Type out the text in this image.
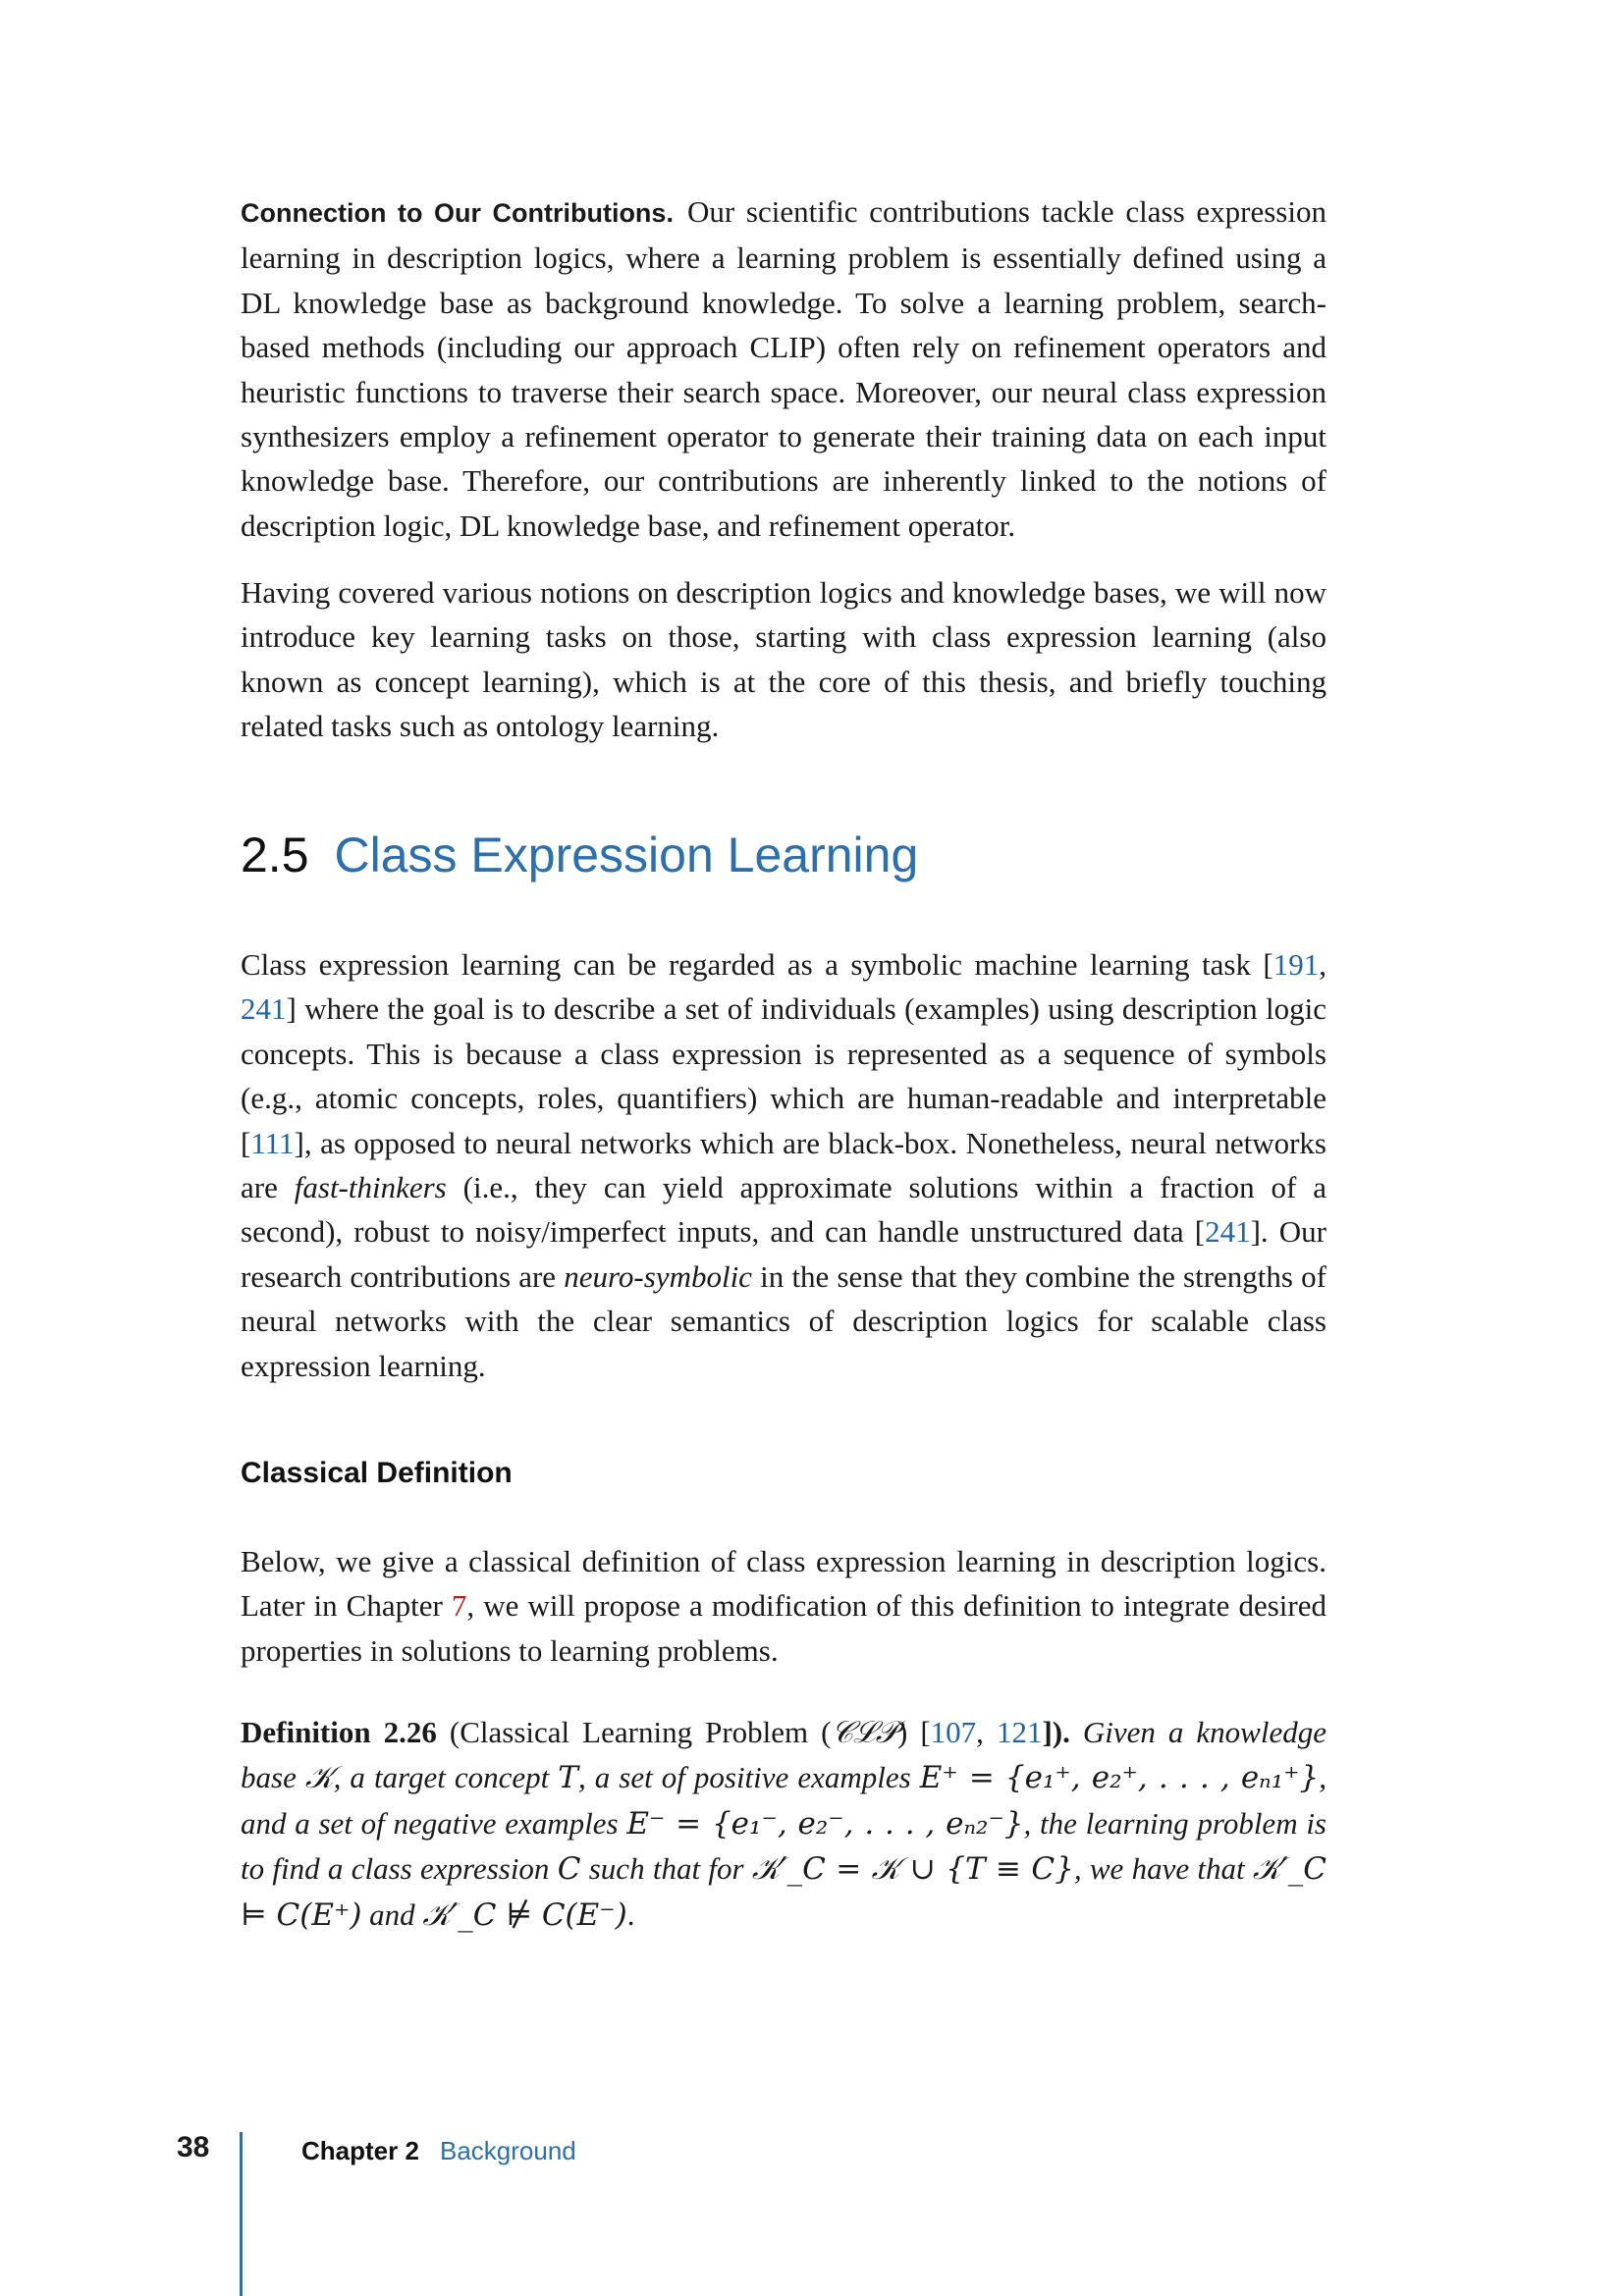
Connection to Our Contributions. Our scientific contributions tackle class expression learning in description logics, where a learning problem is essentially defined using a DL knowledge base as background knowledge. To solve a learning problem, search-based methods (including our approach CLIP) often rely on refinement operators and heuristic functions to traverse their search space. Moreover, our neural class expression synthesizers employ a refinement operator to generate their training data on each input knowledge base. Therefore, our contributions are inherently linked to the notions of description logic, DL knowledge base, and refinement operator.

Having covered various notions on description logics and knowledge bases, we will now introduce key learning tasks on those, starting with class expression learning (also known as concept learning), which is at the core of this thesis, and briefly touching related tasks such as ontology learning.

2.5 Class Expression Learning

Class expression learning can be regarded as a symbolic machine learning task [191, 241] where the goal is to describe a set of individuals (examples) using description logic concepts. This is because a class expression is represented as a sequence of symbols (e.g., atomic concepts, roles, quantifiers) which are human-readable and interpretable [111], as opposed to neural networks which are black-box. Nonetheless, neural networks are fast-thinkers (i.e., they can yield approximate solutions within a fraction of a second), robust to noisy/imperfect inputs, and can handle unstructured data [241]. Our research contributions are neuro-symbolic in the sense that they combine the strengths of neural networks with the clear semantics of description logics for scalable class expression learning.

Classical Definition

Below, we give a classical definition of class expression learning in description logics. Later in Chapter 7, we will propose a modification of this definition to integrate desired properties in solutions to learning problems.

Definition 2.26 (Classical Learning Problem (𝒞ℒ𝒫) [107, 121]). Given a knowledge base 𝒦, a target concept T, a set of positive examples E⁺ = {e₁⁺, e₂⁺, . . . , eₙ₁⁺}, and a set of negative examples E⁻ = {e₁⁻, e₂⁻, . . . , eₙ₂⁻}, the learning problem is to find a class expression C such that for 𝒦′_C = 𝒦 ∪ {T ≡ C}, we have that 𝒦′_C ⊨ C(E⁺) and 𝒦′_C ⊭ C(E⁻).

38	Chapter 2 Background
